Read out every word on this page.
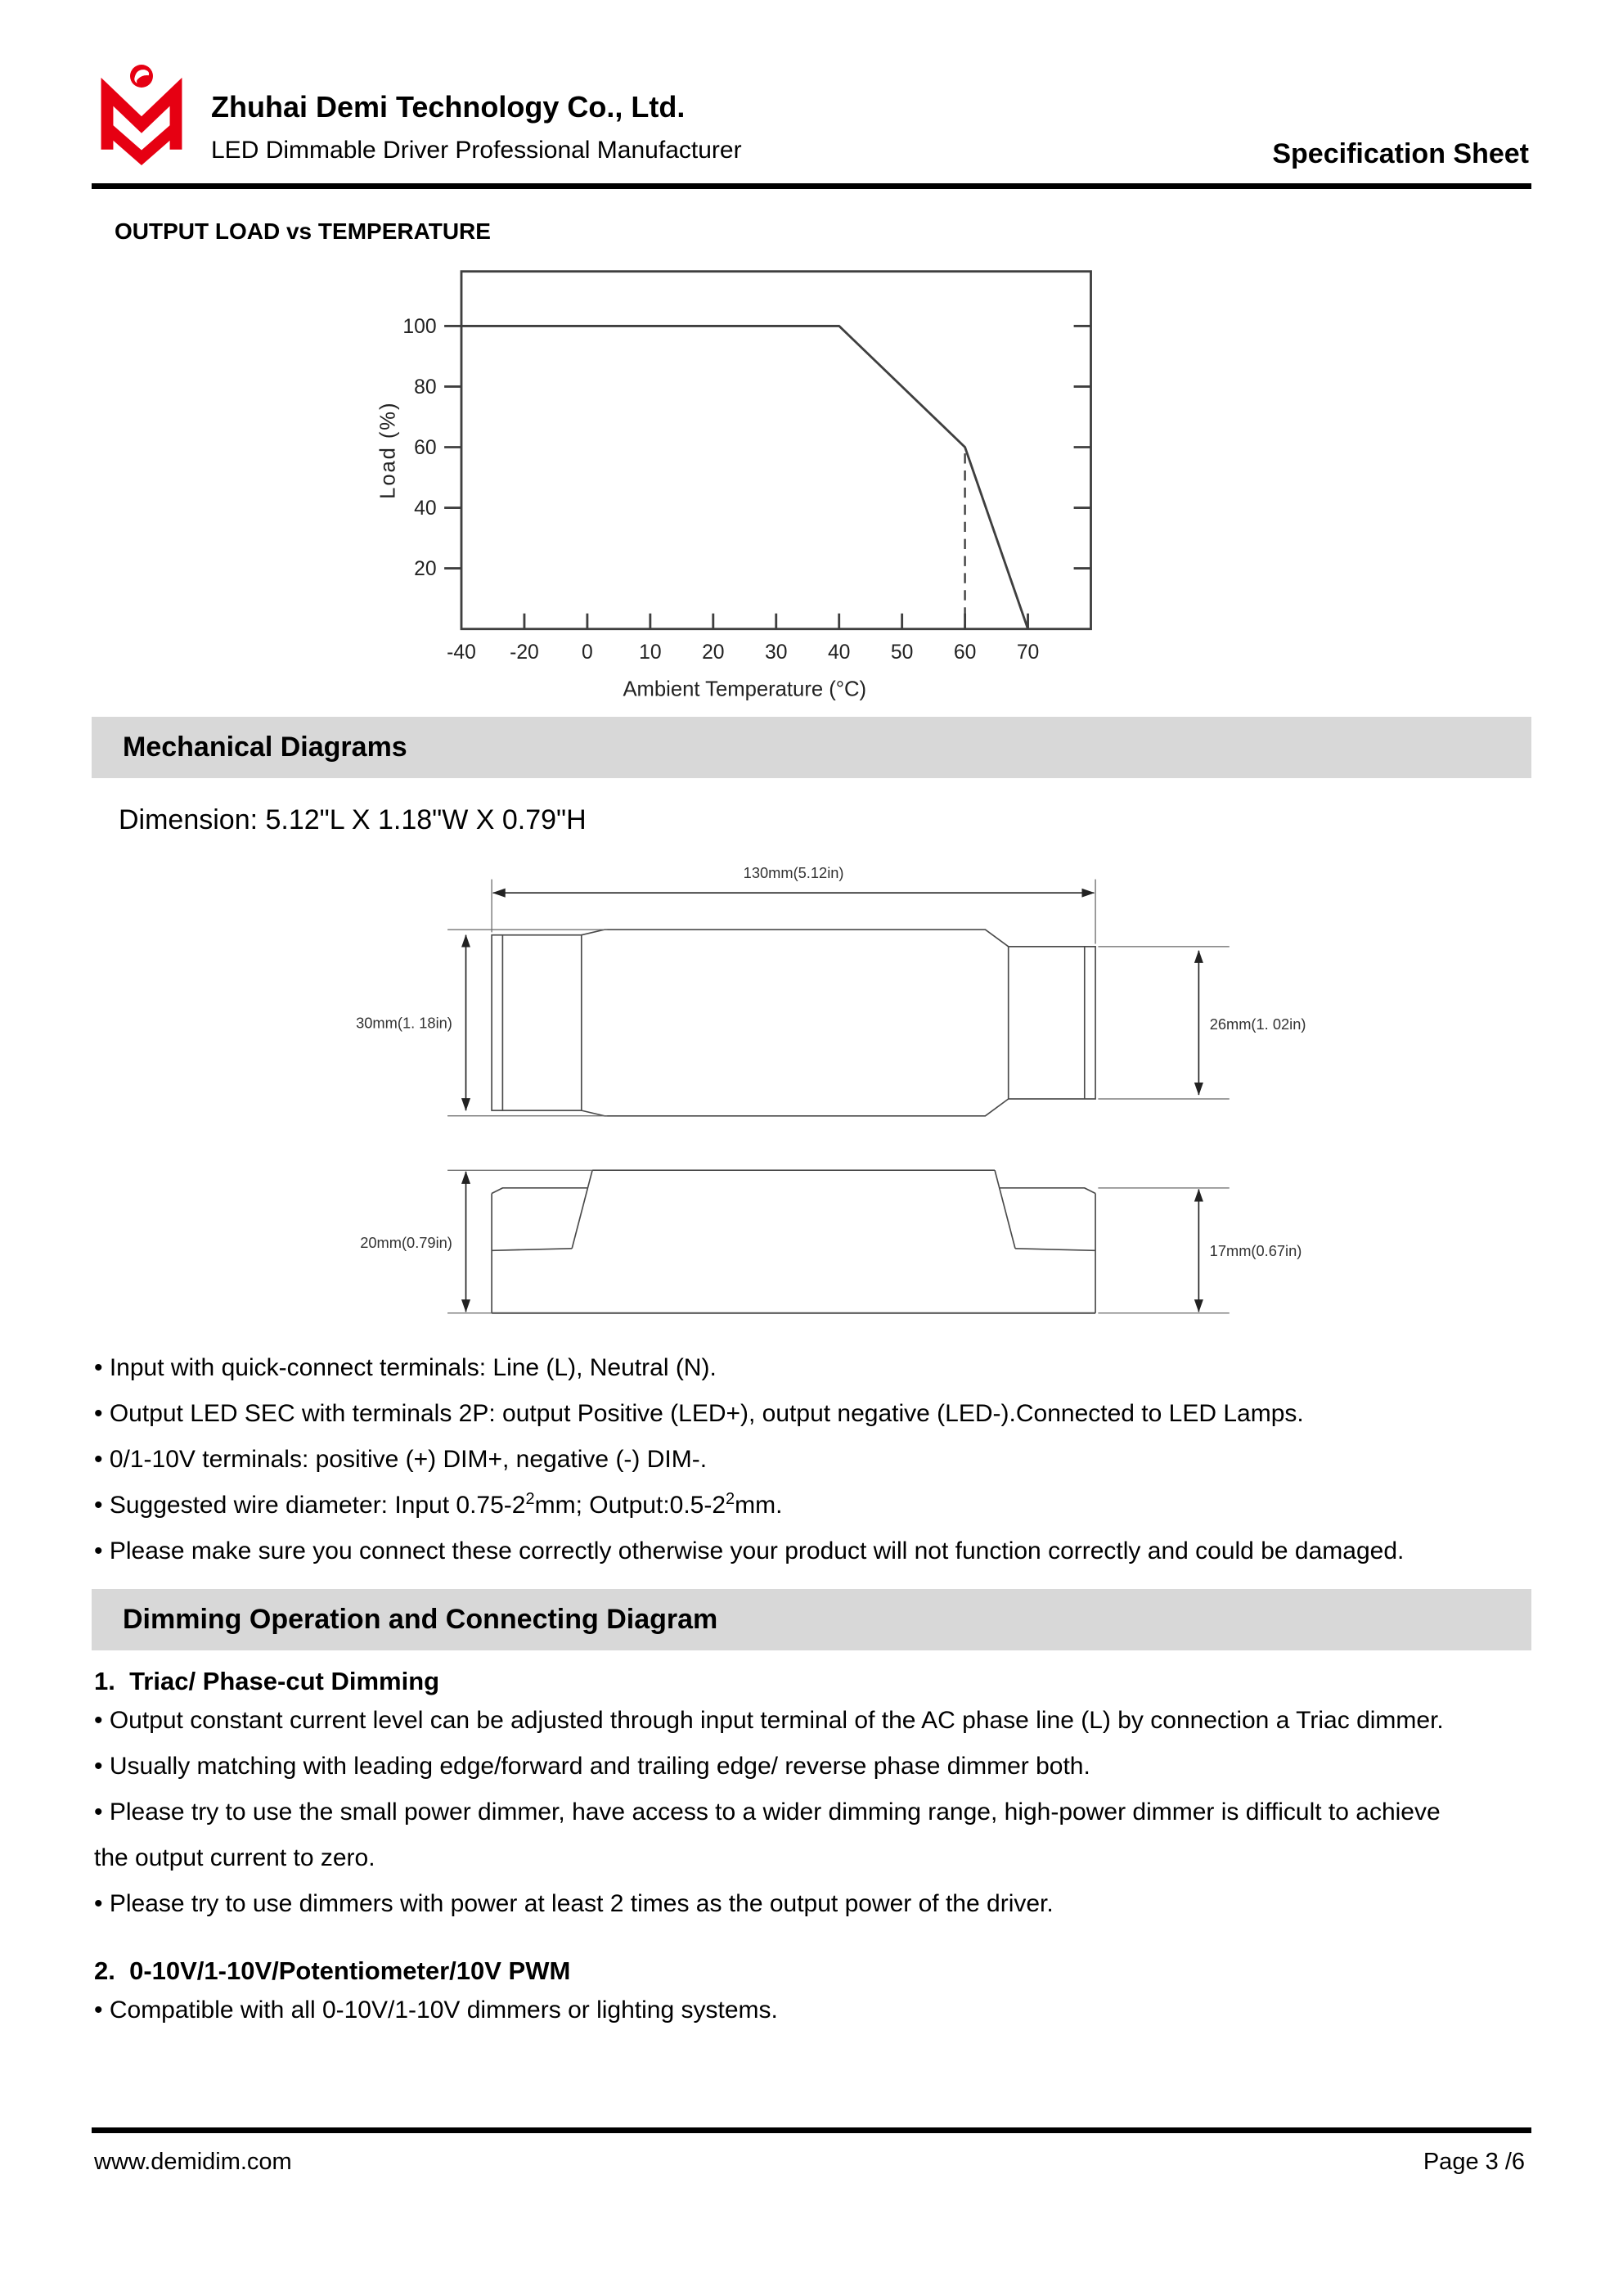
Zhuhai Demi Technology Co., Ltd.
LED Dimmable Driver Professional Manufacturer	Specification Sheet
OUTPUT LOAD vs TEMPERATURE
20
40
60
80
100
-40 -20 0 10 20 30 40 50 60 70
Load (%)
Ambient Temperature (°C)
Mechanical Diagrams
Dimension: 5.12"L X 1.18"W X 0.79"H
130mm(5.12in)
30mm(1. 18in)	26mm(1. 02in)
20mm(0.79in)	17mm(0.67in)

• Input with quick-connect terminals: Line (L), Neutral (N).

• Output LED SEC with terminals 2P: output Positive (LED+), output negative (LED-).Connected to LED Lamps.

• 0/1-10V terminals: positive (+) DIM+, negative (-) DIM-.

• Suggested wire diameter: Input $0.75-2^2mm$; $Output:0.5-2^2mm$.

• Please make sure you connect these correctly otherwise your product will not function correctly and could be damaged.

Dimming Operation and Connecting Diagram
1.  Triac/ Phase-cut Dimming

• Output constant current level can be adjusted through input terminal of the AC phase line (L) by connection a Triac dimmer.

• Usually matching with leading edge/forward and trailing edge/ reverse phase dimmer both.

• Please try to use the small power dimmer, have access to a wider dimming range, high-power dimmer is difficult to achieve the output current to zero.

• Please try to use dimmers with power at least 2 times as the output power of the driver.

2.  0-10V/1-10V/Potentiometer/10V PWM

• Compatible with all 0-10V/1-10V dimmers or lighting systems.

www.demidim.com	Page 3 /6
